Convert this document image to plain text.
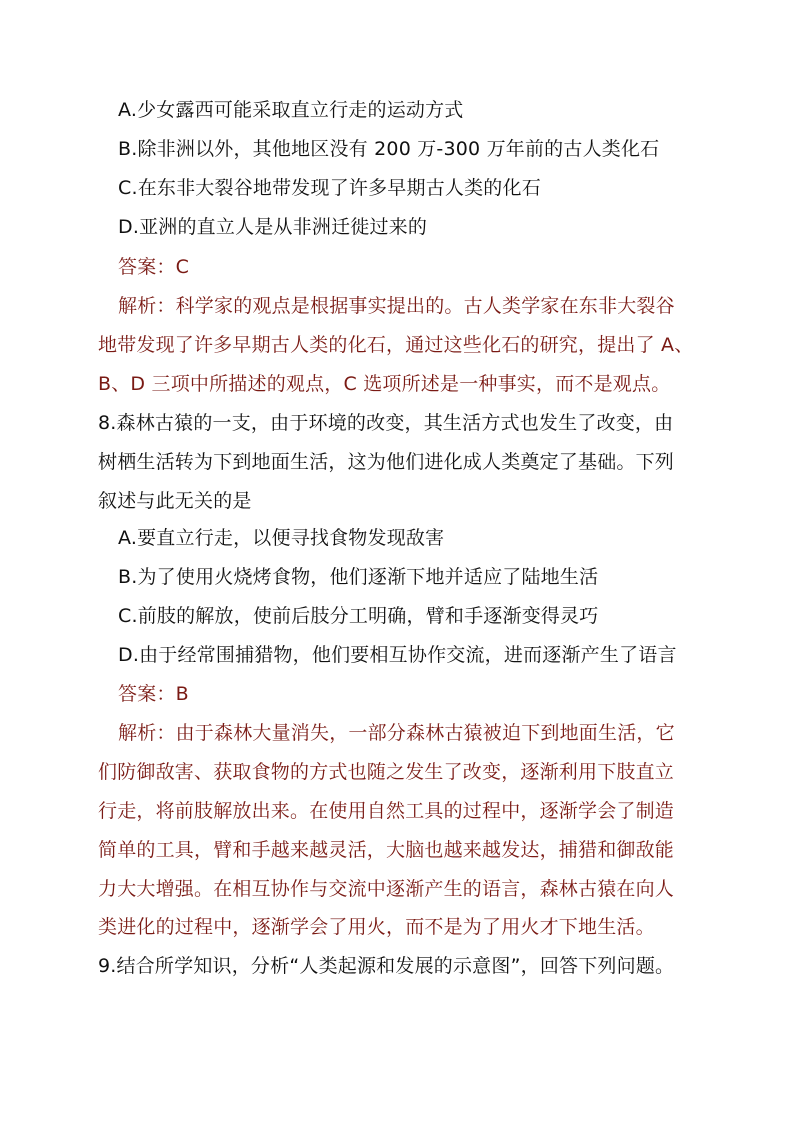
A.少女露西可能采取直立行走的运动方式
B.除非洲以外，其他地区没有 200 万-300 万年前的古人类化石
C.在东非大裂谷地带发现了许多早期古人类的化石
D.亚洲的直立人是从非洲迁徙过来的
答案：C
解析：科学家的观点是根据事实提出的。古人类学家在东非大裂谷
地带发现了许多早期古人类的化石，通过这些化石的研究，提出了 A、
B、D 三项中所描述的观点，C 选项所述是一种事实，而不是观点。
8.森林古猿的一支，由于环境的改变，其生活方式也发生了改变，由
树栖生活转为下到地面生活，这为他们进化成人类奠定了基础。下列
叙述与此无关的是
A.要直立行走，以便寻找食物发现敌害
B.为了使用火烧烤食物，他们逐渐下地并适应了陆地生活
C.前肢的解放，使前后肢分工明确，臂和手逐渐变得灵巧
D.由于经常围捕猎物，他们要相互协作交流，进而逐渐产生了语言
答案：B
解析：由于森林大量消失，一部分森林古猿被迫下到地面生活，它
们防御敌害、获取食物的方式也随之发生了改变，逐渐利用下肢直立
行走，将前肢解放出来。在使用自然工具的过程中，逐渐学会了制造
简单的工具，臂和手越来越灵活，大脑也越来越发达，捕猎和御敌能
力大大增强。在相互协作与交流中逐渐产生的语言，森林古猿在向人
类进化的过程中，逐渐学会了用火，而不是为了用火才下地生活。
9.结合所学知识，分析“人类起源和发展的示意图”，回答下列问题。
